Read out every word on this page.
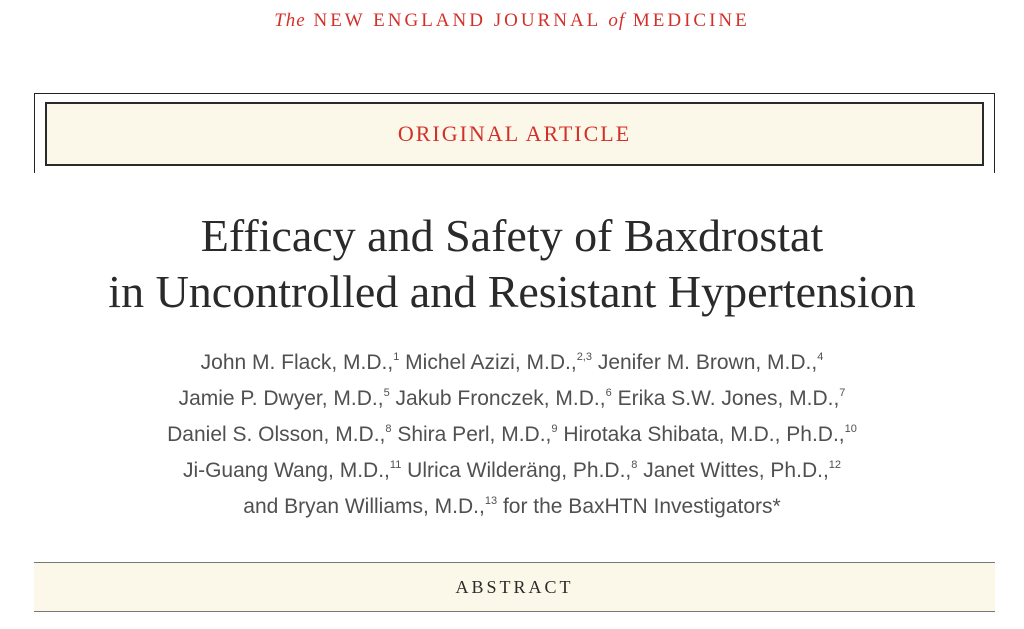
The NEW ENGLAND JOURNAL of MEDICINE
ORIGINAL ARTICLE
Efficacy and Safety of Baxdrostat
in Uncontrolled and Resistant Hypertension
John M. Flack, M.D.,$^1$ Michel Azizi, M.D.,$^{2,3}$ Jenifer M. Brown, M.D.,$^4$
Jamie P. Dwyer, M.D.,$^5$ Jakub Fronczek, M.D.,$^6$ Erika S.W. Jones, M.D.,$^7$
Daniel S. Olsson, M.D.,$^8$ Shira Perl, M.D.,$^9$ Hirotaka Shibata, M.D., Ph.D.,$^{10}$
Ji-Guang Wang, M.D.,$^{11}$ Ulrica Wilderäng, Ph.D.,$^8$ Janet Wittes, Ph.D.,$^{12}$
and Bryan Williams, M.D.,$^{13}$ for the BaxHTN Investigators*
ABSTRACT
